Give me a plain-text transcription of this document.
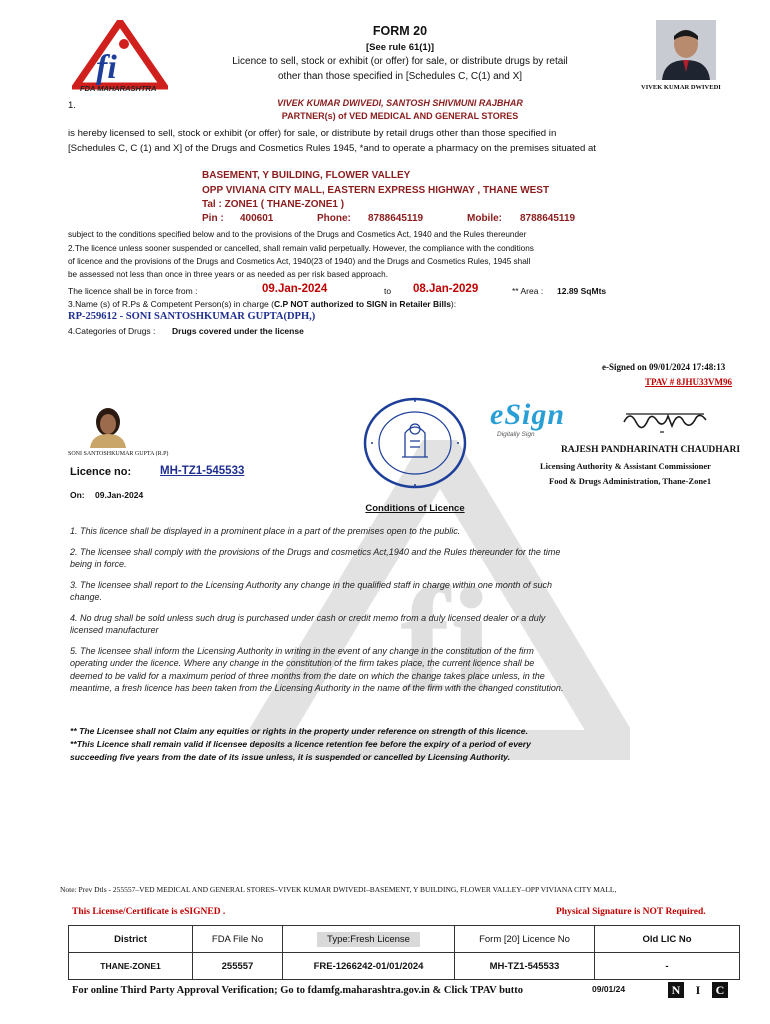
fi
fi
FDA MAHARASHTRA
FORM 20
[See rule 61(1)]
Licence to sell, stock or exhibit (or offer) for sale, or distribute drugs by retail
other than those specified in [Schedules C, C(1) and X]
VIVEK KUMAR DWIVEDI
1.	VIVEK KUMAR DWIVEDI, SANTOSH SHIVMUNI RAJBHAR
PARTNER(s) of VED MEDICAL AND GENERAL STORES
is hereby licensed to sell, stock or exhibit (or offer) for sale, or distribute by retail drugs other than those specified in
[Schedules C, C (1) and X] of the Drugs and Cosmetics Rules 1945, *and to operate a pharmacy on the premises situated at
BASEMENT, Y BUILDING, FLOWER VALLEY
OPP VIVIANA CITY MALL, EASTERN EXPRESS HIGHWAY , THANE WEST
Tal : ZONE1 ( THANE-ZONE1 )
Pin : 400601	Phone: 8788645119	Mobile: 8788645119
subject to the conditions specified below and to the provisions of the Drugs and Cosmetics Act, 1940 and the Rules thereunder
2.The licence unless sooner suspended or cancelled, shall remain valid perpetually. However, the compliance with the conditions
of licence and the provisions of the Drugs and Cosmetics Act, 1940(23 of 1940) and the Drugs and Cosmetics Rules, 1945 shall
be assessed not less than once in three years or as needed as per risk based approach.
The licence shall be in force from :	09.Jan-2024	to 08.Jan-2029	** Area : 12.89 SqMts
3.Name (s) of R.Ps & Competent Person(s) in charge (C.P NOT authorized to SIGN in Retailer Bills):
RP-259612 - SONI SANTOSHKUMAR GUPTA(DPH,)
4.Categories of Drugs : Drugs covered under the license
e-Signed on 09/01/2024 17:48:13
TPAV # 8JHU33VM96
SONI SANTOSHKUMAR GUPTA (R.P)
eSign
Digitally Sign
RAJESH PANDHARINATH CHAUDHARI
Licensing Authority & Assistant Commissioner
Food & Drugs Administration, Thane-Zone1
Licence no:	MH-TZ1-545533
On: 09.Jan-2024
Conditions of Licence

1. This licence shall be displayed in a prominent place in a part of the premises open to the public.

2. The licensee shall comply with the provisions of the Drugs and cosmetics Act,1940 and the Rules thereunder for the time being in force.

3. The licensee shall report to the Licensing Authority any change in the qualified staff in charge within one month of such change.

4. No drug shall be sold unless such drug is purchased under cash or credit memo from a duly licensed dealer or a duly licensed manufacturer

5. The licensee shall inform the Licensing Authority in writing in the event of any change in the constitution of the firm operating under the licence. Where any change in the constitution of the firm takes place, the current licence shall be deemed to be valid for a maximum period of three months from the date on which the change takes place unless, in the meantime, a fresh licence has been taken from the Licensing Authority in the name of the firm with the changed constitution.

** The Licensee shall not Claim any equities or rights in the property under reference on strength of this licence.
**This Licence shall remain valid if licensee deposits a licence retention fee before the expiry of a period of every
succeeding five years from the date of its issue unless, it is suspended or cancelled by Licensing Authority.
Note: Prev Dtls - 255557–VED MEDICAL AND GENERAL STORES–VIVEK KUMAR DWIVEDI–BASEMENT, Y BUILDING, FLOWER VALLEY–OPP VIVIANA CITY MALL,
This License/Certificate is eSIGNED .	Physical Signature is NOT Required.
District	FDA File No	Type:Fresh License	Form [20] Licence No	Old LIC No
THANE-ZONE1	255557	FRE-1266242-01/01/2024	MH-TZ1-545533	-
For online Third Party Approval Verification; Go to fdamfg.maharashtra.gov.in & Click TPAV butto	09/01/24	N I C
